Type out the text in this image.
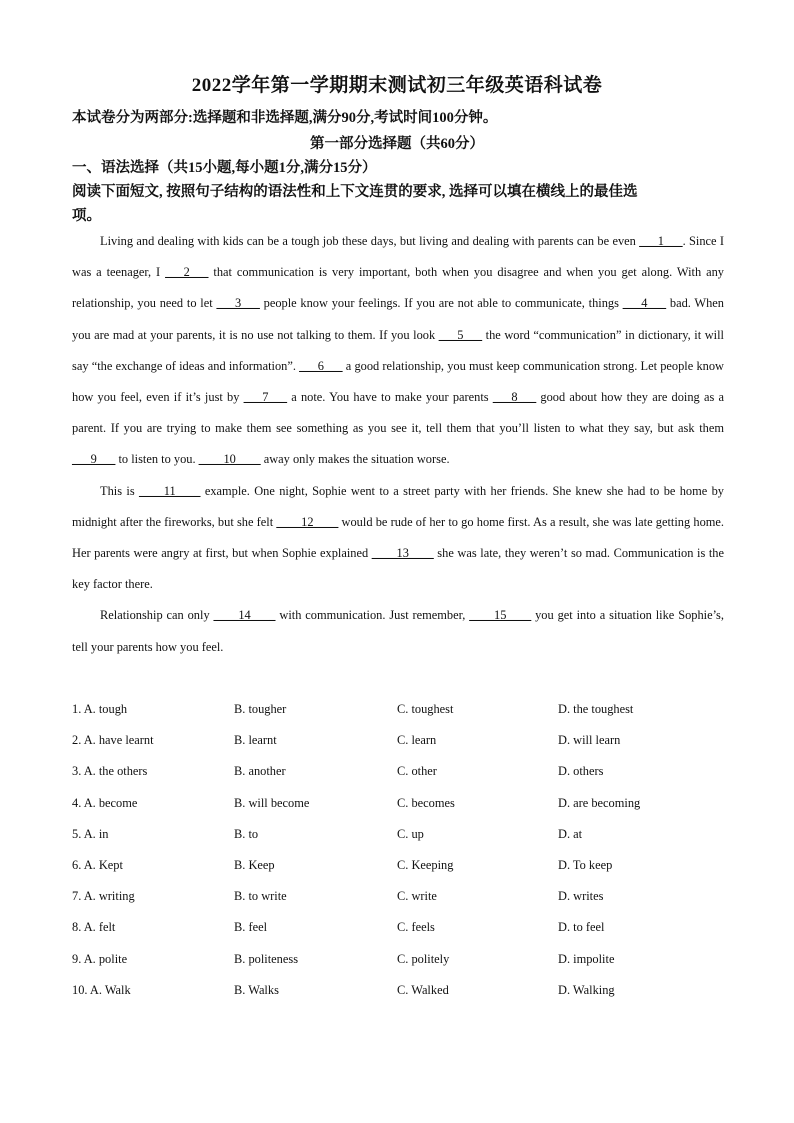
2022学年第一学期期末测试初三年级英语科试卷
本试卷分为两部分:选择题和非选择题,满分90分,考试时间100分钟。
第一部分选择题（共60分）
一、语法选择（共15小题,每小题1分,满分15分）
阅读下面短文, 按照句子结构的语法性和上下文连贯的要求, 选择可以填在横线上的最佳选
项。

Living and dealing with kids can be a tough job these days, but living and dealing with parents can be even ___1___. Since I was a teenager, I ___2___ that communication is very important, both when you disagree and when you get along. With any relationship, you need to let ___3___ people know your feelings. If you are not able to communicate, things ___4___ bad. When you are mad at your parents, it is no use not talking to them. If you look ___5___ the word “communication” in dictionary, it will say “the exchange of ideas and information”. ___6___ a good relationship, you must keep communication strong. Let people know how you feel, even if it’s just by ___7___ a note. You have to make your parents ___8___ good about how they are doing as a parent. If you are trying to make them see something as you see it, tell them that you’ll listen to what they say, but ask them ___9___ to listen to you. ____10____ away only makes the situation worse.

This is ____11____ example. One night, Sophie went to a street party with her friends. She knew she had to be home by midnight after the fireworks, but she felt ____12____ would be rude of her to go home first. As a result, she was late getting home. Her parents were angry at first, but when Sophie explained ____13____ she was late, they weren’t so mad. Communication is the key factor there.

Relationship can only ____14____ with communication. Just remember, ____15____ you get into a situation like Sophie’s, tell your parents how you feel.

1. A. tough	B. tougher	C. toughest	D. the toughest
2. A. have learnt	B. learnt	C. learn	D. will learn
3. A. the others	B. another	C. other	D. others
4. A. become	B. will become	C. becomes	D. are becoming
5. A. in	B. to	C. up	D. at
6. A. Kept	B. Keep	C. Keeping	D. To keep
7. A. writing	B. to write	C. write	D. writes
8. A. felt	B. feel	C. feels	D. to feel
9. A. polite	B. politeness	C. politely	D. impolite
10. A. Walk	B. Walks	C. Walked	D. Walking
